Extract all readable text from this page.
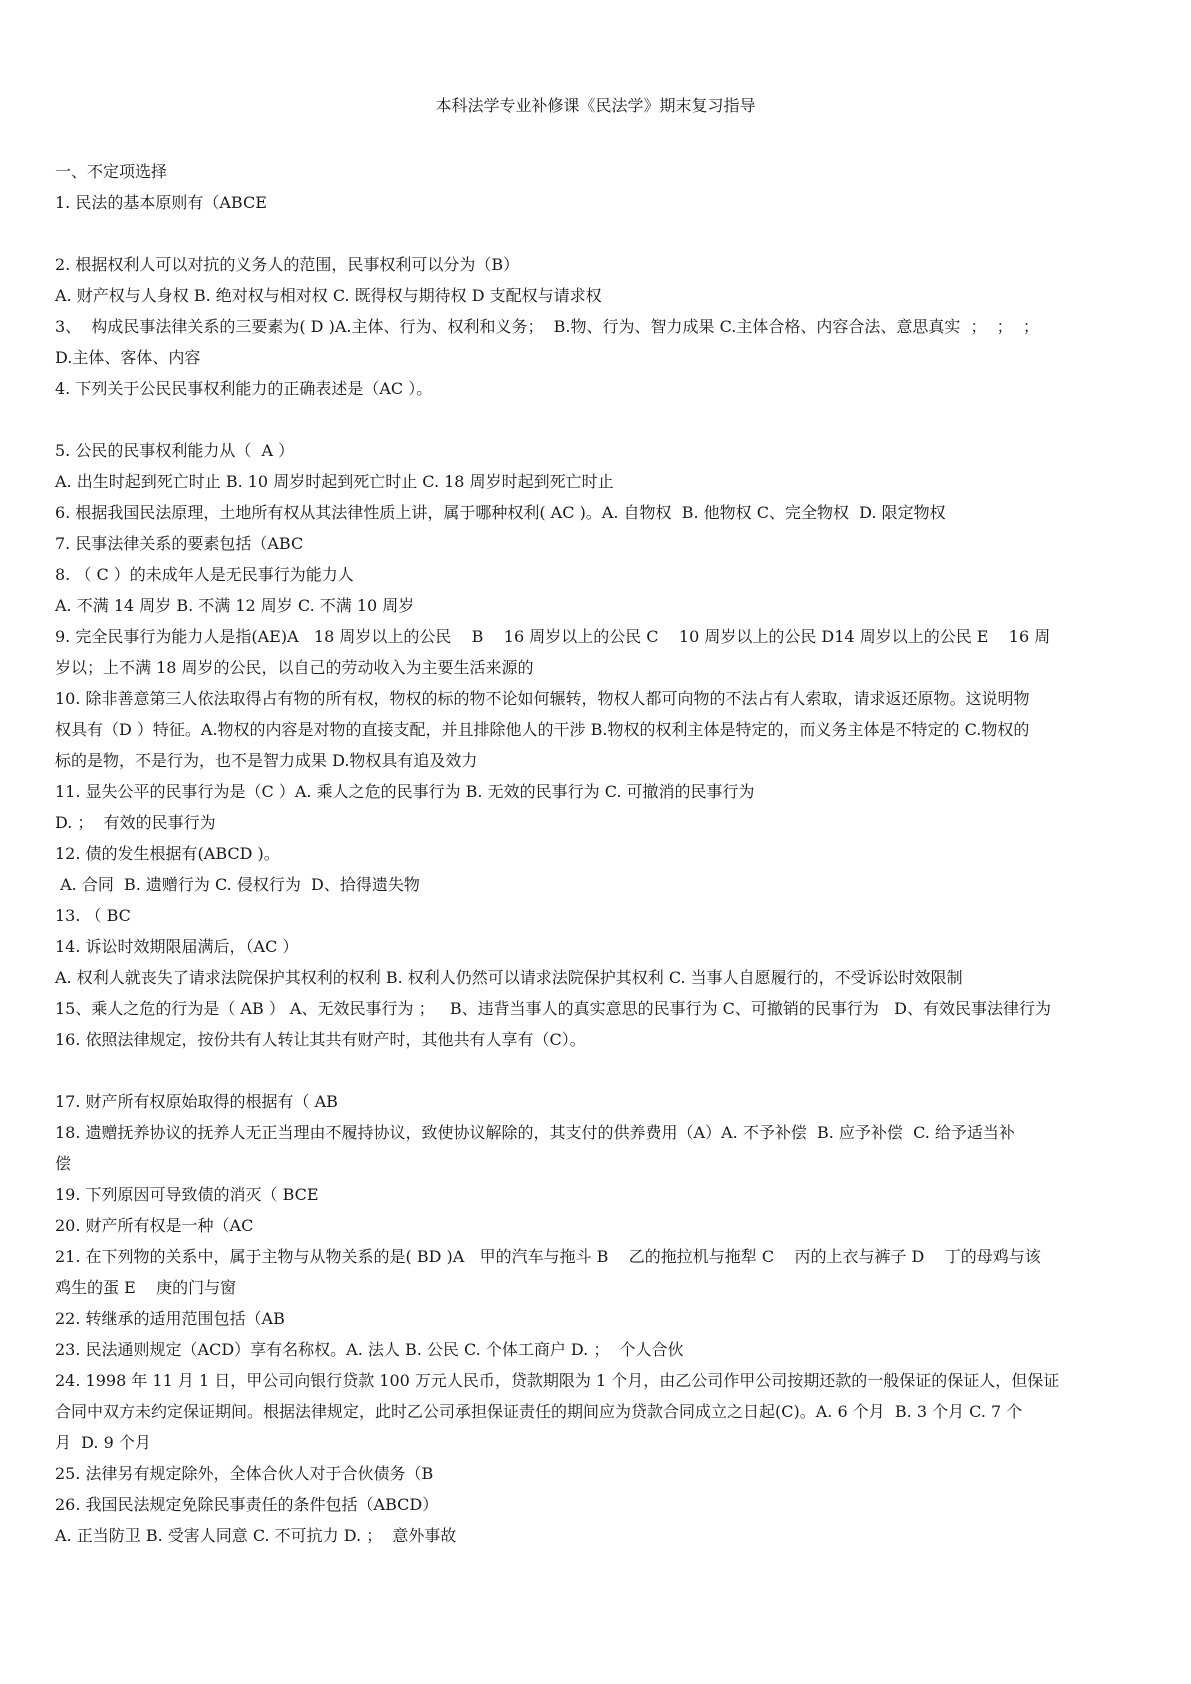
本科法学专业补修课《民法学》期末复习指导
一、不定项选择
1. 民法的基本原则有（ABCE
2. 根据权利人可以对抗的义务人的范围，民事权利可以分为（B）
A. 财产权与人身权 B. 绝对权与相对权 C. 既得权与期待权 D 支配权与请求权
3、  构成民事法律关系的三要素为( D )A.主体、行为、权利和义务；  B.物、行为、智力成果 C.主体合格、内容合法、意思真实  ；  ；  ；
D.主体、客体、内容
4. 下列关于公民民事权利能力的正确表述是（AC ）。
5. 公民的民事权利能力从（  A ）
A. 出生时起到死亡时止 B. 10 周岁时起到死亡时止 C. 18 周岁时起到死亡时止
6. 根据我国民法原理，土地所有权从其法律性质上讲，属于哪种权利( AC )。A. 自物权  B. 他物权 C、完全物权  D. 限定物权
7. 民事法律关系的要素包括（ABC
8. （ C ）的未成年人是无民事行为能力人
A. 不满 14 周岁 B. 不满 12 周岁 C. 不满 10 周岁
9. 完全民事行为能力人是指(AE)A   18 周岁以上的公民    B    16 周岁以上的公民 C    10 周岁以上的公民 D14 周岁以上的公民 E    16 周
岁以；上不满 18 周岁的公民，以自己的劳动收入为主要生活来源的
10. 除非善意第三人依法取得占有物的所有权，物权的标的物不论如何辗转，物权人都可向物的不法占有人索取，请求返还原物。这说明物
权具有（D ）特征。A.物权的内容是对物的直接支配，并且排除他人的干涉 B.物权的权利主体是特定的，而义务主体是不特定的 C.物权的
标的是物，不是行为，也不是智力成果 D.物权具有追及效力
11. 显失公平的民事行为是（C ）A. 乘人之危的民事行为 B. 无效的民事行为 C. 可撤消的民事行为
D. ；  有效的民事行为
12. 债的发生根据有(ABCD )。
A. 合同  B. 遗赠行为 C. 侵权行为  D、拾得遗失物
13. （ BC
14. 诉讼时效期限届满后，（AC ）
A. 权利人就丧失了请求法院保护其权利的权利 B. 权利人仍然可以请求法院保护其权利 C. 当事人自愿履行的，不受诉讼时效限制
15、乘人之危的行为是（ AB ） A、无效民事行为 ；   B、违背当事人的真实意思的民事行为 C、可撤销的民事行为   D、有效民事法律行为
16. 依照法律规定，按份共有人转让其共有财产时，其他共有人享有（C）。
17. 财产所有权原始取得的根据有（ AB
18. 遗赠抚养协议的抚养人无正当理由不履持协议，致使协议解除的，其支付的供养费用（A）A. 不予补偿  B. 应予补偿  C. 给予适当补
偿
19. 下列原因可导致债的消灭（ BCE
20. 财产所有权是一种（AC
21. 在下列物的关系中，属于主物与从物关系的是( BD )A   甲的汽车与拖斗 B    乙的拖拉机与拖犁 C    丙的上衣与裤子 D    丁的母鸡与该
鸡生的蛋 E    庚的门与窗
22. 转继承的适用范围包括（AB
23. 民法通则规定（ACD）享有名称权。A. 法人 B. 公民 C. 个体工商户 D. ；  个人合伙
24. 1998 年 11 月 1 日，甲公司向银行贷款 100 万元人民币，贷款期限为 1 个月，由乙公司作甲公司按期还款的一般保证的保证人，但保证
合同中双方未约定保证期间。根据法律规定，此时乙公司承担保证责任的期间应为贷款合同成立之日起(C)。A. 6 个月  B. 3 个月 C. 7 个
月  D. 9 个月
25. 法律另有规定除外，全体合伙人对于合伙债务（B
26. 我国民法规定免除民事责任的条件包括（ABCD）
A. 正当防卫 B. 受害人同意 C. 不可抗力 D. ；  意外事故
